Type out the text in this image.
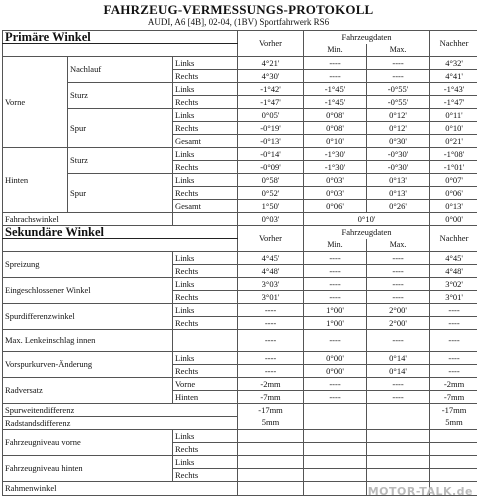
FAHRZEUG-VERMESSUNGS-PROTOKOLL
AUDI, A6 [4B], 02-04, (1BV) Sportfahrwerk RS6
Primäre Winkel			Vorher	Fahrzeugdaten		Nachher
				Min.	Max.	
Vorne	Nachlauf	Links	4°21'	----	----	4°32'
		Rechts	4°30'	----	----	4°41'
	Sturz	Links	-1°42'	-1°45'	-0°55'	-1°43'
		Rechts	-1°47'	-1°45'	-0°55'	-1°47'
	Spur	Links	0°05'	0°08'	0°12'	0°11'
		Rechts	-0°19'	0°08'	0°12'	0°10'
		Gesamt	-0°13'	0°10'	0°30'	0°21'
Hinten	Sturz	Links	-0°14'	-1°30'	-0°30'	-1°08'
		Rechts	-0°09'	-1°30'	-0°30'	-1°01'
	Spur	Links	0°58'	0°03'	0°13'	0°07'
		Rechts	0°52'	0°03'	0°13'	0°06'
		Gesamt	1°50'	0°06'	0°26'	0°13'
Fahrachswinkel			0°03'	0°10'		0°00'
Sekundäre Winkel			Vorher	Fahrzeugdaten		Nachher
				Min.	Max.	
Spreizung		Links	4°45'	----	----	4°45'
		Rechts	4°48'	----	----	4°48'
Eingeschlossener Winkel		Links	3°03'	----	----	3°02'
		Rechts	3°01'	----	----	3°01'
Spurdifferenzwinkel		Links	----	1°00'	2°00'	----
		Rechts	----	1°00'	2°00'	----
Max. Lenkeinschlag innen			----	----	----	----
Vorspurkurven-Änderung		Links	----	0°00'	0°14'	----
		Rechts	----	0°00'	0°14'	----
Radversatz		Vorne	-2mm	----	----	-2mm
		Hinten	-7mm	----	----	-7mm
Spurweitendifferenz			-17mm			-17mm
Radstandsdifferenz			5mm			5mm
Fahrzeugniveau vorne		Links				
		Rechts				
Fahrzeugniveau hinten		Links				
		Rechts				
Rahmenwinkel							MOTOR-TALK.de
